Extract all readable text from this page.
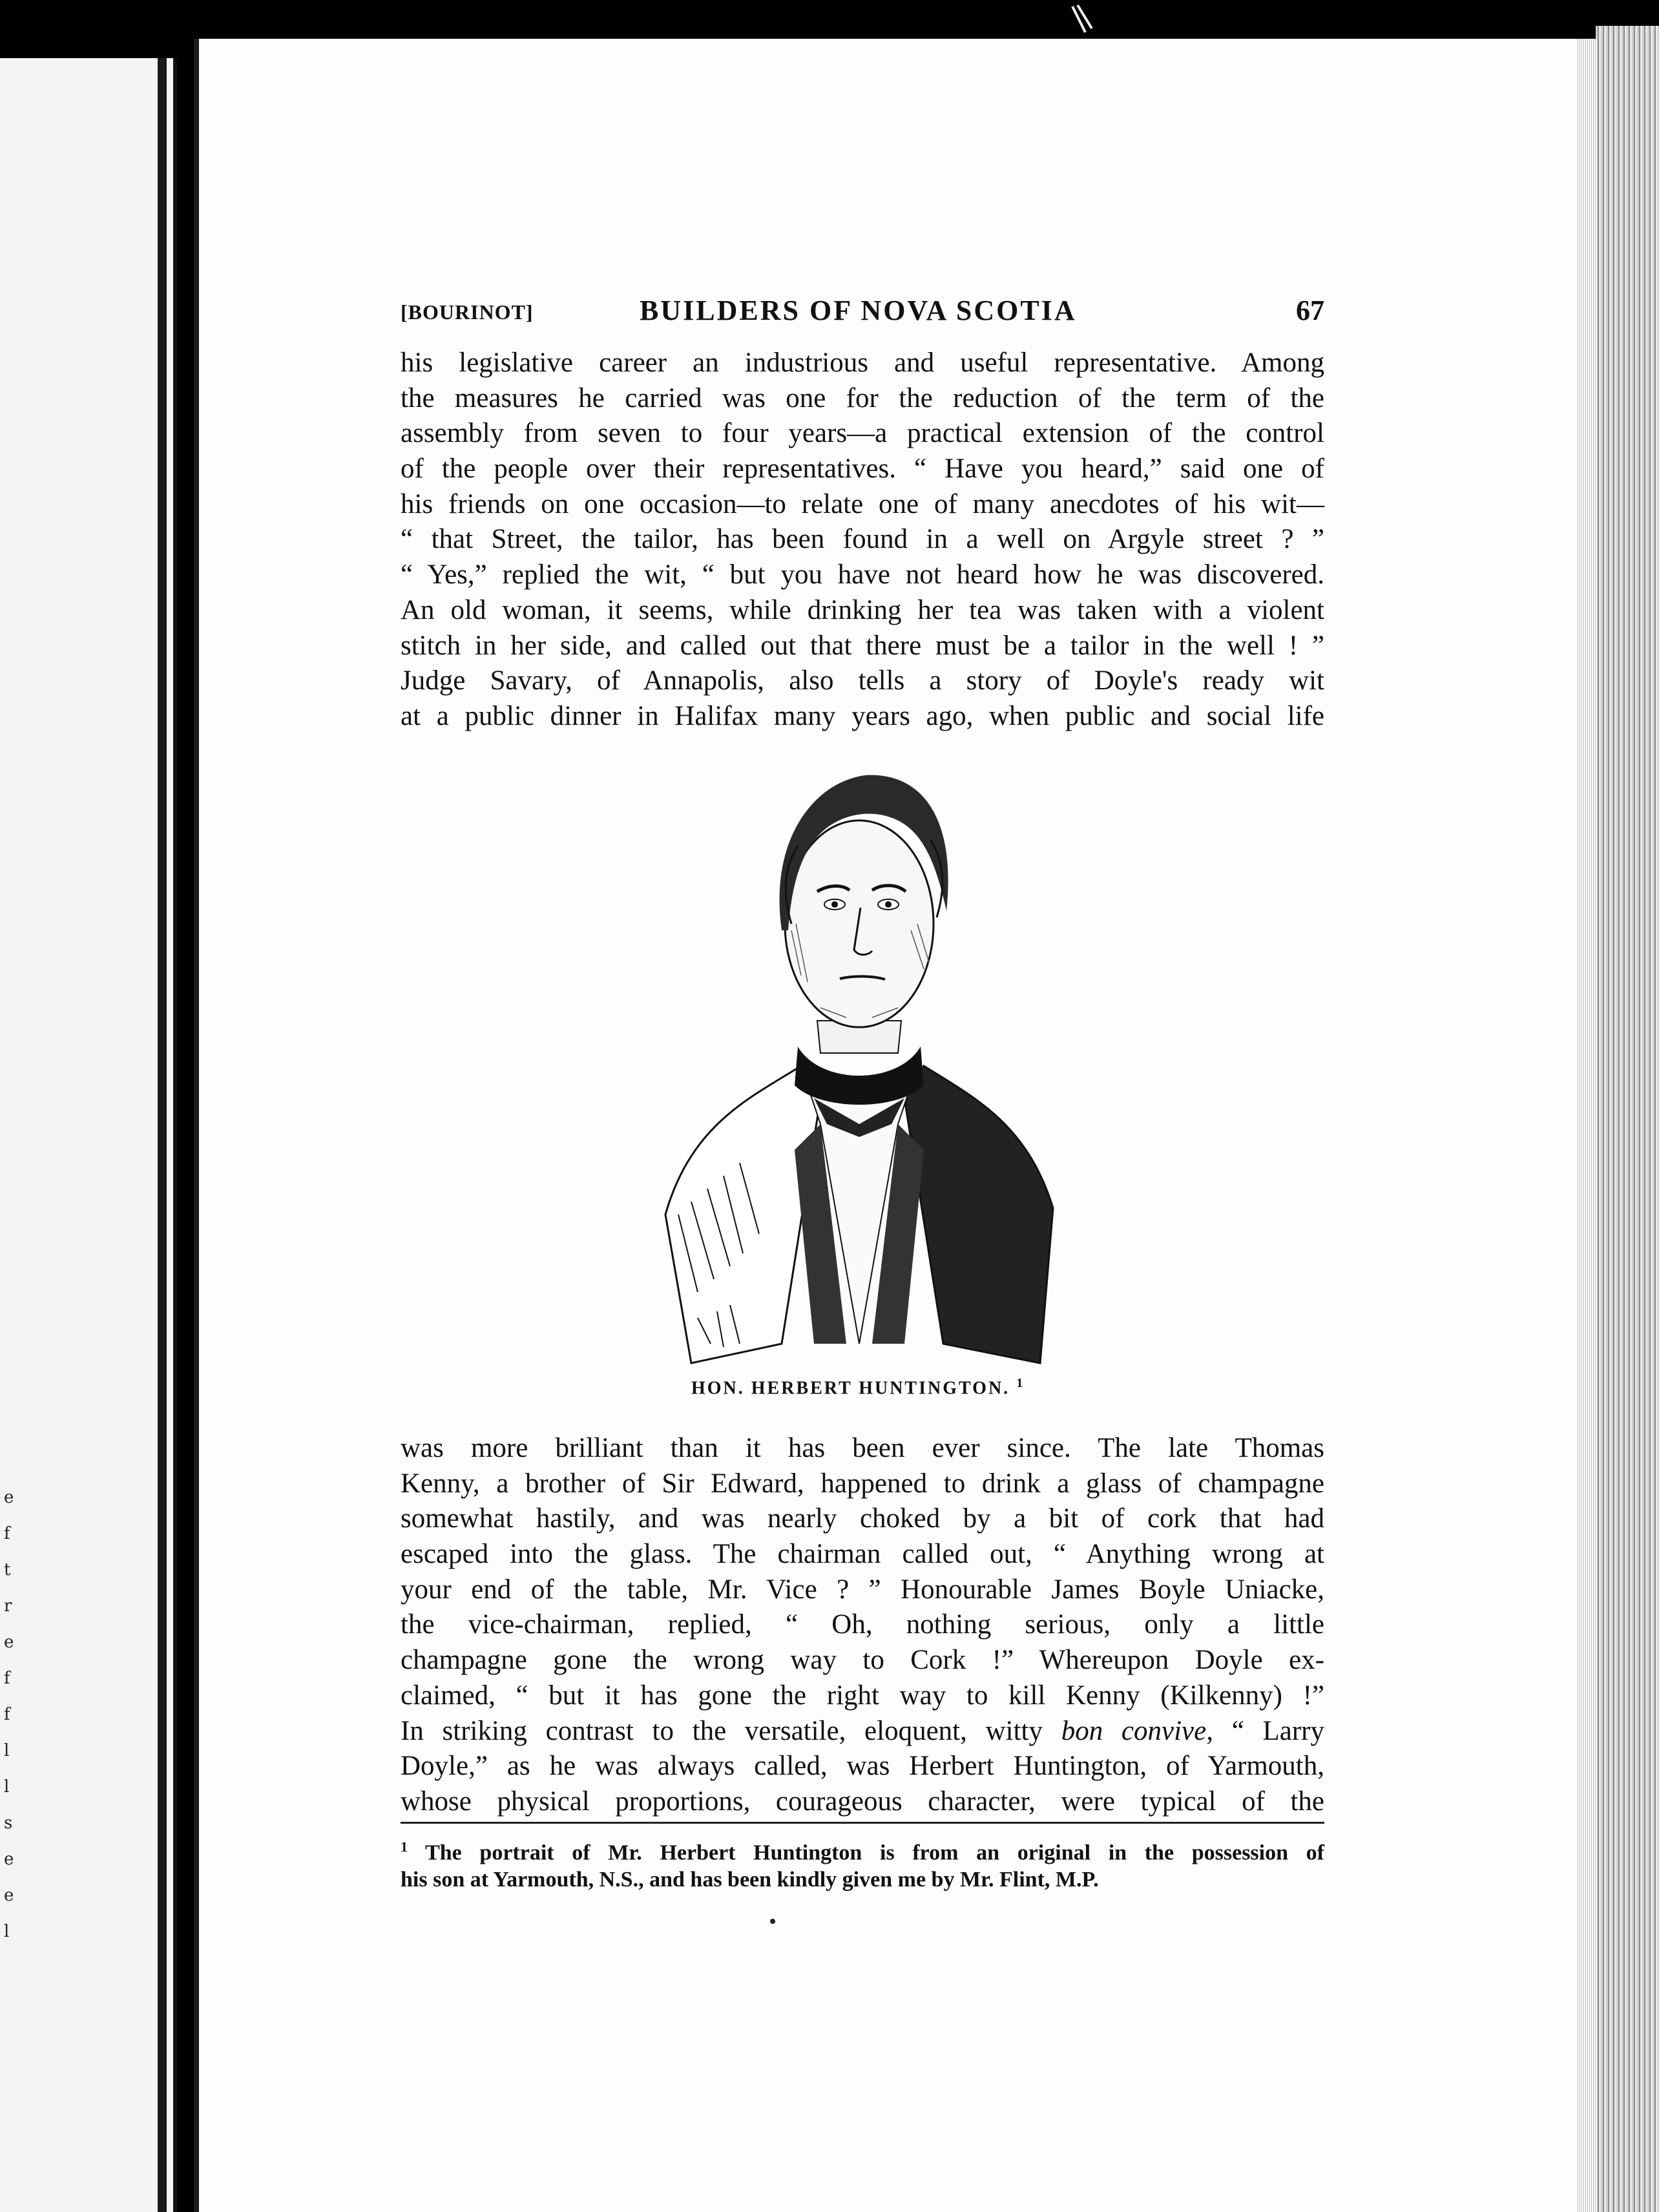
e
f
t
r
e
f
f
l
l
s
e
e
l
[BOURINOT]	BUILDERS OF NOVA SCOTIA	67
his legislative career an industrious and useful representative. Among
the measures he carried was one for the reduction of the term of the
assembly from seven to four years—a practical extension of the control
of the people over their representatives. “ Have you heard,” said one of
his friends on one occasion—to relate one of many anecdotes of his wit—
“ that Street, the tailor, has been found in a well on Argyle street ? ”
“ Yes,” replied the wit, “ but you have not heard how he was discovered.
An old woman, it seems, while drinking her tea was taken with a violent
stitch in her side, and called out that there must be a tailor in the well ! ”
Judge Savary, of Annapolis, also tells a story of Doyle's ready wit
at a public dinner in Halifax many years ago, when public and social life
HON. HERBERT HUNTINGTON. $^1$
was more brilliant than it has been ever since. The late Thomas
Kenny, a brother of Sir Edward, happened to drink a glass of champagne
somewhat hastily, and was nearly choked by a bit of cork that had
escaped into the glass. The chairman called out, “ Anything wrong at
your end of the table, Mr. Vice ? ” Honourable James Boyle Uniacke,
the vice-chairman, replied, “ Oh, nothing serious, only a little
champagne gone the wrong way to Cork !” Whereupon Doyle ex-
claimed, “ but it has gone the right way to kill Kenny (Kilkenny) !”
In striking contrast to the versatile, eloquent, witty bon convive, “ Larry
Doyle,” as he was always called, was Herbert Huntington, of Yarmouth,
whose physical proportions, courageous character, were typical of the
$^1$ The portrait of Mr. Herbert Huntington is from an original in the possession of
his son at Yarmouth, N.S., and has been kindly given me by Mr. Flint, M.P.
